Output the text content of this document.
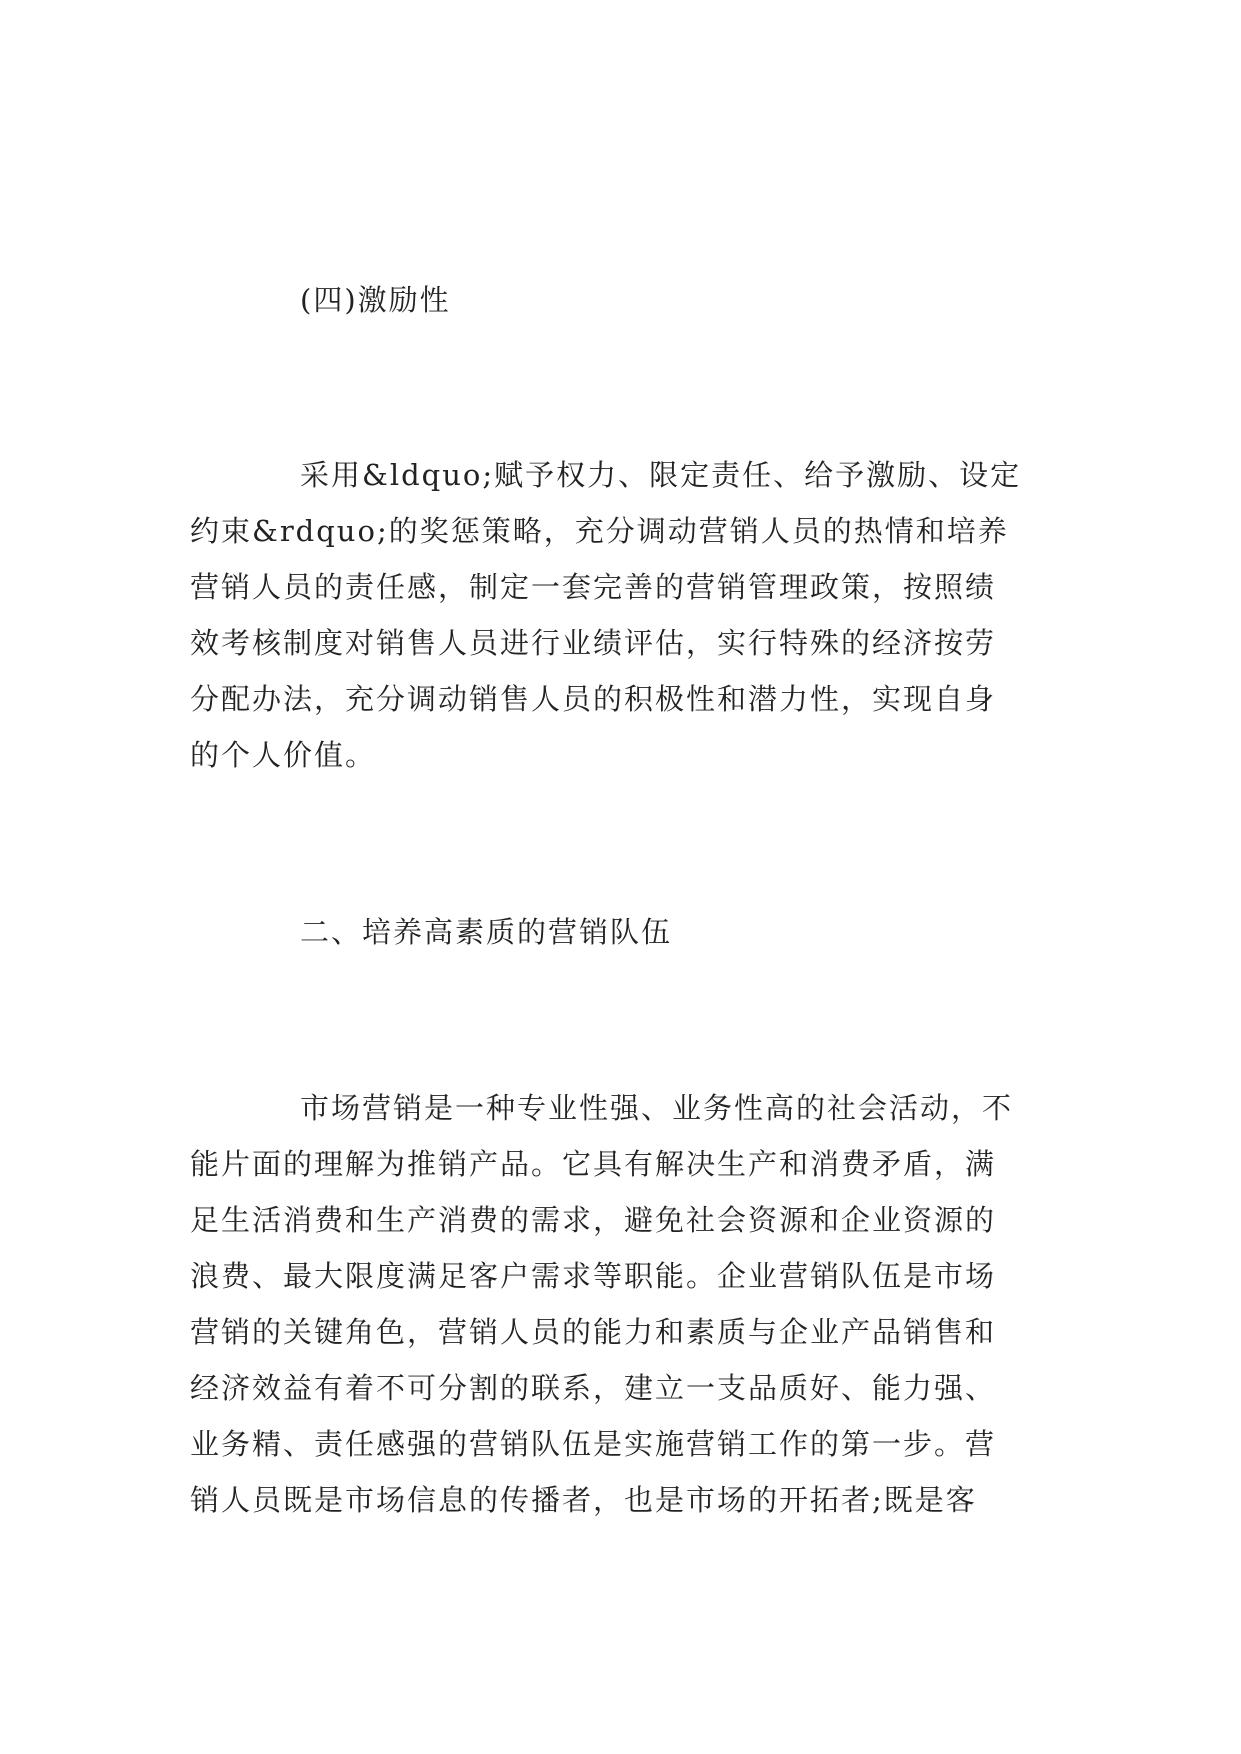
(四)激励性

采用&ldquo;赋予权力、限定责任、给予激励、设定

约束&rdquo;的奖惩策略，充分调动营销人员的热情和培养

营销人员的责任感，制定一套完善的营销管理政策，按照绩

效考核制度对销售人员进行业绩评估，实行特殊的经济按劳

分配办法，充分调动销售人员的积极性和潜力性，实现自身

的个人价值。

二、培养高素质的营销队伍

市场营销是一种专业性强、业务性高的社会活动，不

能片面的理解为推销产品。它具有解决生产和消费矛盾，满

足生活消费和生产消费的需求，避免社会资源和企业资源的

浪费、最大限度满足客户需求等职能。企业营销队伍是市场

营销的关键角色，营销人员的能力和素质与企业产品销售和

经济效益有着不可分割的联系，建立一支品质好、能力强、

业务精、责任感强的营销队伍是实施营销工作的第一步。营

销人员既是市场信息的传播者，也是市场的开拓者;既是客
